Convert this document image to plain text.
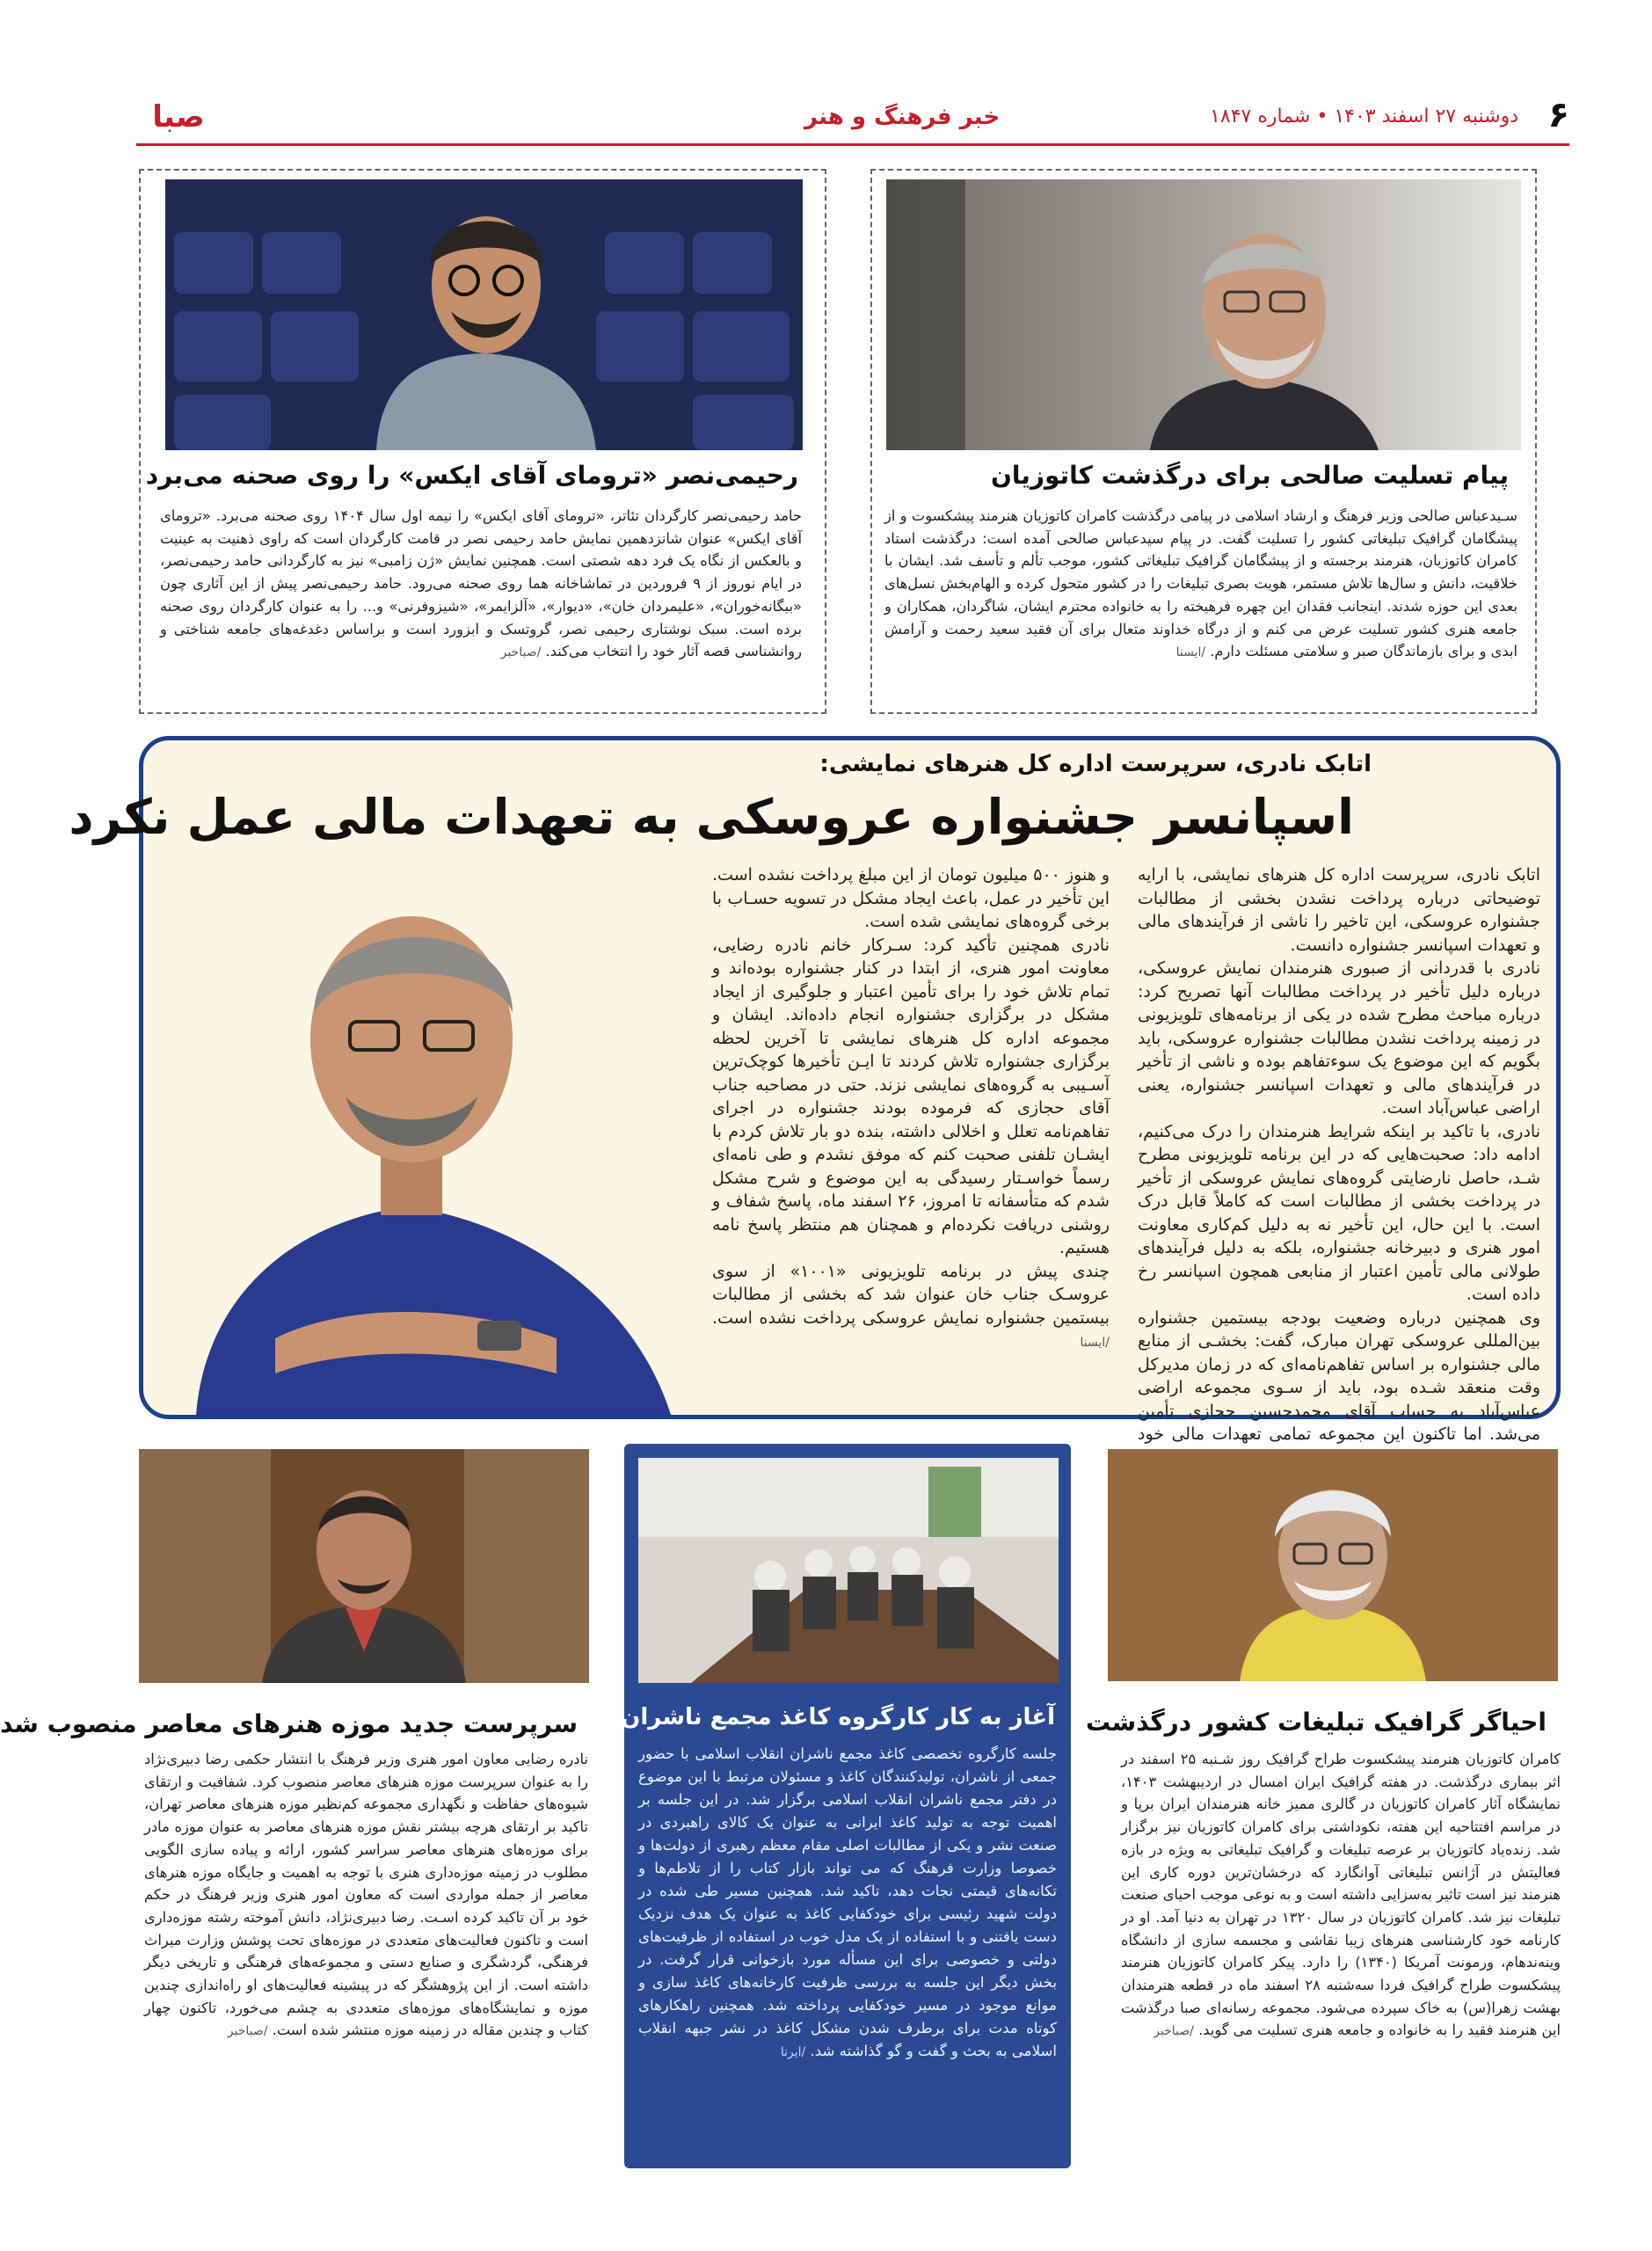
۶
دوشنبه ۲۷ اسفند ۱۴۰۳ • شماره ۱۸۴۷
خبر فرهنگ و هنر
صبا
پیام تسلیت صالحی برای درگذشت کاتوزیان

سـیدعباس صالحی وزیر فرهنگ و ارشاد اسلامی در پیامی درگذشت کامران کاتوزیان هنرمند پیشکسوت و از پیشگامان گرافیک تبلیغاتی کشور را تسلیت گفت. در پیام سیدعباس صالحی آمده است: درگذشت استاد کامران کاتوزیان، هنرمند برجسته و از پیشگامان گرافیک تبلیغاتی کشور، موجب تألم و تأسف شد. ایشان با خلاقیت، دانش و سال‌ها تلاش مستمر، هویت بصری تبلیغات را در کشور متحول کرده و الهام‌بخش نسل‌های بعدی این حوزه شدند. اینجانب فقدان این چهره فرهیخته را به خانواده محترم ایشان، شاگردان، همکاران و جامعه هنری کشور تسلیت عرض می کنم و از درگاه خداوند متعال برای آن فقید سعید رحمت و آرامش ابدی و برای بازماندگان صبر و سلامتی مسئلت دارم. /ایسنا

رحیمی‌نصر «ترومای آقای ایکس» را روی صحنه می‌برد

حامد رحیمی‌نصر کارگردان تئاتر، «ترومای آقای ایکس» را نیمه اول سال ۱۴۰۴ روی صحنه می‌برد. «ترومای آقای ایکس» عنوان شانزدهمین نمایش حامد رحیمی نصر در قامت کارگردان است که راوی ذهنیت به عینیت و بالعکس از نگاه یک فرد دهه شصتی است. همچنین نمایش «ژن زامبی» نیز به کارگردانی حامد رحیمی‌نصر، در ایام نوروز از ۹ فروردین در تماشاخانه هما روی صحنه می‌رود. حامد رحیمی‌نصر پیش از این آثاری چون «بیگانه‌خوران»، «علیمردان خان»، «دیوار»، «آلزایمر»، «شیزوفرنی» و... را به عنوان کارگردان روی صحنه برده است. سبک نوشتاری رحیمی نصر، گروتسک و ابزورد است و براساس دغدغه‌های جامعه شناختی و روانشناسی قصه آثار خود را انتخاب می‌کند. /صباخبر

اتابک نادری، سرپرست اداره کل هنرهای نمایشی:
اسپانسر جشنواره عروسکی به تعهدات مالی عمل نکرد

اتابک نادری، سرپرست اداره کل هنرهای نمایشی، با ارایه توضیحاتی درباره پرداخت نشدن بخشی از مطالبات جشنواره عروسکی، این تاخیر را ناشی از فرآیندهای مالی و تعهدات اسپانسر جشنواره دانست.

نادری با قدردانی از صبوری هنرمندان نمایش عروسکی، درباره دلیل تأخیر در پرداخت مطالبات آنها تصریح کرد: درباره مباحث مطرح شده در یکی از برنامه‌های تلویزیونی در زمینه پرداخت نشدن مطالبات جشنواره عروسکی، باید بگویم که این موضوع یک سوءتفاهم بوده و ناشی از تأخیر در فرآیندهای مالی و تعهدات اسپانسر جشنواره، یعنی اراضی عباس‌آباد است.

نادری، با تاکید بر اینکه شرایط هنرمندان را درک می‌کنیم، ادامه داد: صحبت‌هایی که در این برنامه تلویزیونی مطرح شـد، حاصل نارضایتی گروه‌های نمایش عروسکی از تأخیر در پرداخت بخشی از مطالبات است که کاملاً قابل درک است. با این حال، این تأخیر نه به دلیل کم‌کاری معاونت امور هنری و دبیرخانه جشنواره، بلکه به دلیل فرآیندهای طولانی مالی تأمین اعتبار از منابعی همچون اسپانسر رخ داده است.

وی همچنین درباره وضعیت بودجه بیستمین جشنواره بین‌المللی عروسکی تهران مبارک، گفت: بخشـی از منابع مالی جشنواره بر اساس تفاهم‌نامه‌ای که در زمان مدیرکل وقت منعقد شـده بود، باید از سـوی مجموعه اراضی عباس‌آباد به حساب آقای محمدحسین حجازی تأمین می‌شد. اما تاکنون این مجموعه تمامی تعهدات مالی خود

و هنوز ۵۰۰ میلیون تومان از این مبلغ پرداخت نشده است. این تأخیر در عمل، باعث ایجاد مشکل در تسویه حسـاب با برخی گروه‌های نمایشی شده است.

نادری همچنین تأکید کرد: سـرکار خانم نادره رضایی، معاونت امور هنری، از ابتدا در کنار جشنواره بوده‌اند و تمام تلاش خود را برای تأمین اعتبار و جلوگیری از ایجاد مشکل در برگزاری جشنواره انجام داده‌اند. ایشان و مجموعه اداره کل هنرهای نمایشی تا آخرین لحظه برگزاری جشنواره تلاش کردند تا ایـن تأخیرها کوچک‌ترین آسـیبی به گروه‌های نمایشی نزند. حتی در مصاحبه جناب آقای حجازی که فرموده بودند جشنواره در اجرای تفاهم‌نامه تعلل و اخلالی داشته، بنده دو بار تلاش کردم با ایشـان تلفنی صحبت کنم که موفق نشدم و طی نامه‌ای رسماً خواسـتار رسیدگی به این موضوع و شرح مشکل شدم که متأسفانه تا امروز، ۲۶ اسفند ماه، پاسخ شفاف و روشنی دریافت نکرده‌ام و همچنان هم منتظر پاسخ نامه هستیم.

چندی پیش در برنامه تلویزیونی «۱۰۰۱» از سوی عروسـک جناب خان عنوان شد که بخشی از مطالبات بیستمین جشنواره نمایش عروسکی پرداخت نشده است. /ایسنا

احیاگر گرافیک تبلیغات کشور درگذشت

کامران کاتوزیان هنرمند پیشکسوت طراح گرافیک روز شـنبه ۲۵ اسفند در اثر بیماری درگذشت. در هفته گرافیک ایران امسال در اردیبهشت ۱۴۰۳، نمایشگاه آثار کامران کاتوزیان در گالری ممیز خانه هنرمندان ایران برپا و در مراسم افتتاحیه این هفته، نکوداشتی برای کامران کاتوزیان نیز برگزار شد. زنده‌یاد کاتوزیان بر عرصه تبلیغات و گرافیک تبلیغاتی به ویژه در بازه فعالیتش در آژانس تبلیغاتی آوانگارد که درخشان‌ترین دوره کاری این هنرمند نیز است تاثیر به‌سزایی داشته است و به نوعی موجب احیای صنعت تبلیغات نیز شد. کامران کاتوزیان در سال ۱۳۲۰ در تهران به دنیا آمد. او در کارنامه خود کارشناسی هنرهای زیبا نقاشی و مجسمه سازی از دانشگاه وینه‌ندهام، ورمونت آمریکا (۱۳۴۰) را دارد. پیکر کامران کاتوزیان هنرمند پیشکسوت طراح گرافیک فردا سه‌شنبه ۲۸ اسفند ماه در قطعه هنرمندان بهشت زهرا(س) به خاک سپرده می‌شود. مجموعه رسانه‌ای صبا درگذشت این هنرمند فقید را به خانواده و جامعه هنری تسلیت می گوید. /صباخبر

آغاز به کار کارگروه کاغذ مجمع ناشران انقلاب
جلسه کارگروه تخصصی کاغذ مجمع ناشران انقلاب اسلامی با حضور جمعی از ناشران، تولیدکنندگان کاغذ و مسئولان مرتبط با این موضوع در دفتر مجمع ناشران انقلاب اسلامی برگزار شد. در این جلسه بر اهمیت توجه به تولید کاغذ ایرانی به عنوان یک کالای راهبردی در صنعت نشر و یکی از مطالبات اصلی مقام معظم رهبری از دولت‌ها و خصوصا وزارت فرهنگ که می تواند بازار کتاب را از تلاطم‌ها و تکانه‌های قیمتی نجات دهد، تاکید شد. همچنین مسیر طی شده در دولت شهید رئیسی برای خودکفایی کاغذ به عنوان یک هدف نزدیک دست یافتنی و با استفاده از یک مدل خوب در استفاده از ظرفیت‌های دولتی و خصوصی برای این مسأله مورد بازخوانی قرار گرفت. در بخش دیگر این جلسه به بررسی ظرفیت کارخانه‌های کاغذ سازی و موانع موجود در مسیر خودکفایی پرداخته شد. همچنین راهکارهای کوتاه مدت برای برطرف شدن مشکل کاغذ در نشر جبهه انقلاب اسلامی به بحث و گفت و گو گذاشته شد. /ایرنا
سرپرست جدید موزه هنرهای معاصر منصوب شد

نادره رضایی معاون امور هنری وزیر فرهنگ با انتشار حکمی رضا دبیری‌نژاد را به عنوان سرپرست موزه هنرهای معاصر منصوب کرد. شفافیت و ارتقای شیوه‌های حفاظت و نگهداری مجموعه کم‌نظیر موزه هنرهای معاصر تهران، تاکید بر ارتقای هرچه بیشتر نقش موزه هنرهای معاصر به عنوان موزه مادر برای موزه‌های هنرهای معاصر سراسر کشور، ارائه و پیاده سازی الگویی مطلوب در زمینه موزه‌داری هنری با توجه به اهمیت و جایگاه موزه هنرهای معاصر از جمله مواردی است که معاون امور هنری وزیر فرهنگ در حکم خود بر آن تاکید کرده اسـت. رضا دبیری‌نژاد، دانش آموخته رشته موزه‌داری است و تاکنون فعالیت‌های متعددی در موزه‌های تحت پوشش وزارت میراث فرهنگی، گردشگری و صنایع دستی و مجموعه‌های فرهنگی و تاریخی دیگر داشته است. از این پژوهشگر که در پیشینه فعالیت‌های او راه‌اندازی چندین موزه و نمایشگاه‌های موزه‌های متعددی به چشم می‌خورد، تاکنون چهار کتاب و چندین مقاله در زمینه موزه منتشر شده است. /صباخبر
